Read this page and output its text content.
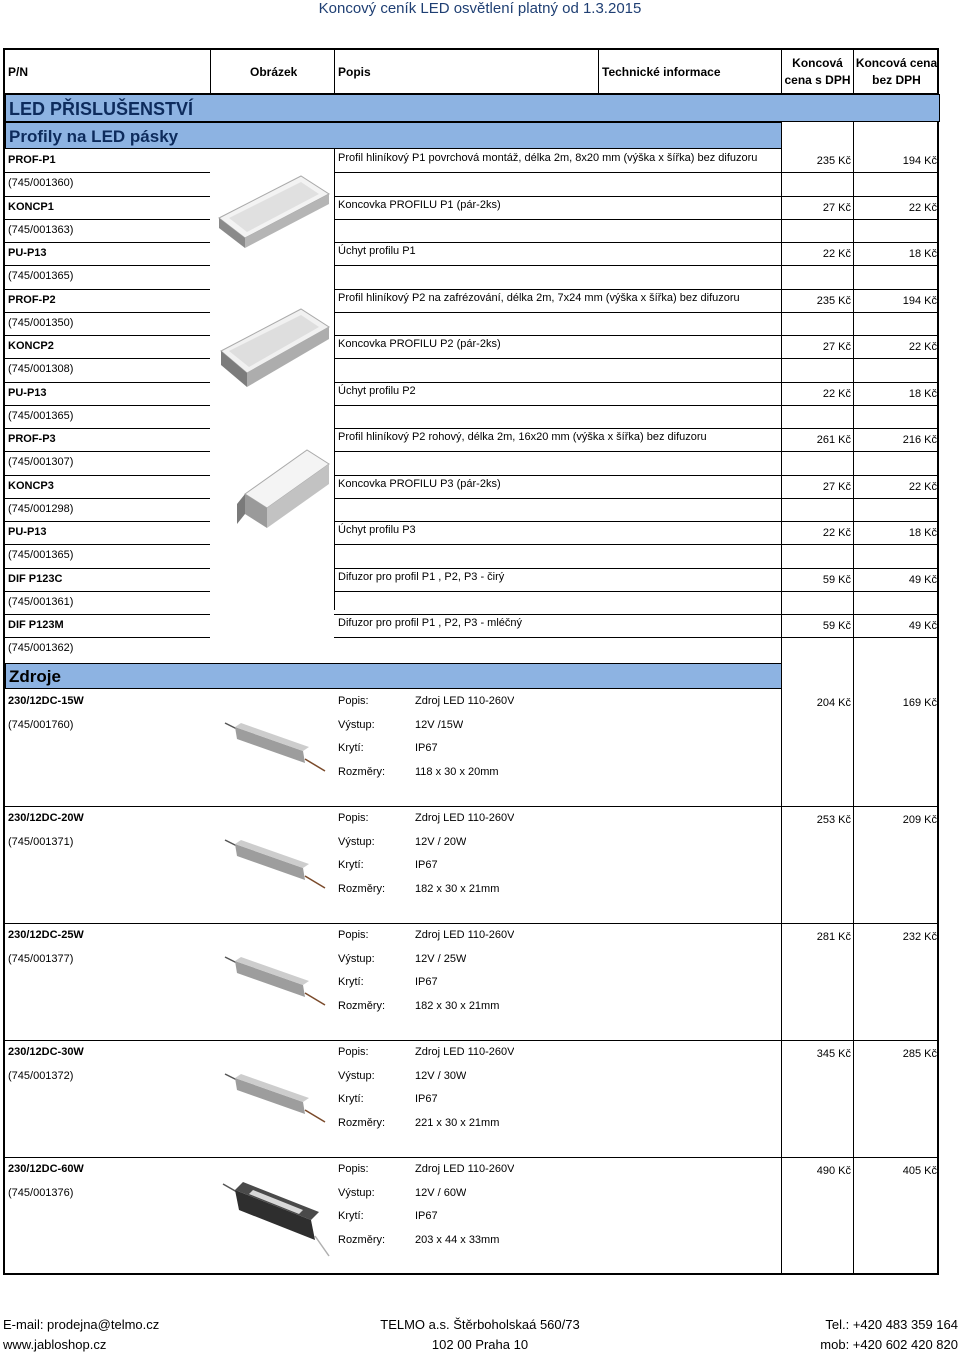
Koncový ceník LED osvětlení platný od 1.3.2015
P/N	Obrázek	Popis	Technické informace
Koncová
cena s DPH
Koncová cena
bez DPH
LED PŘISLUŠENSTVÍ
Profily na LED pásky
Zdroje
PROF-P1
(745/001360)
Profil hliníkový P1 povrchová montáž, délka 2m, 8x20 mm (výška x šířka) bez difuzoru	235 Kč	194 Kč
KONCP1
(745/001363)
Koncovka PROFILU P1 (pár-2ks)	27 Kč	22 Kč
PU-P13
(745/001365)
Úchyt profilu P1	22 Kč	18 Kč
PROF-P2
(745/001350)
Profil hliníkový P2 na zafrézování, délka 2m, 7x24 mm (výška x šířka) bez difuzoru	235 Kč	194 Kč
KONCP2
(745/001308)
Koncovka PROFILU P2 (pár-2ks)	27 Kč	22 Kč
PU-P13
(745/001365)
Úchyt profilu P2	22 Kč	18 Kč
PROF-P3
(745/001307)
Profil hliníkový P2 rohový, délka 2m, 16x20 mm (výška x šířka) bez difuzoru	261 Kč	216 Kč
KONCP3
(745/001298)
Koncovka PROFILU P3 (pár-2ks)	27 Kč	22 Kč
PU-P13
(745/001365)
Úchyt profilu P3	22 Kč	18 Kč
DIF P123C
(745/001361)
Difuzor pro profil P1 , P2, P3 - čirý	59 Kč	49 Kč
DIF P123M
(745/001362)
Difuzor pro profil P1 , P2, P3 - mléčný	59 Kč	49 Kč
230/12DC-15W
(745/001760)
Popis:	Zdroj LED 110-260V
Výstup:	12V /15W
Krytí:	IP67
Rozměry:	118 x 30 x 20mm
204 Kč	169 Kč
230/12DC-20W
(745/001371)
Popis:	Zdroj LED 110-260V
Výstup:	12V / 20W
Krytí:	IP67
Rozměry:	182 x 30 x 21mm
253 Kč	209 Kč
230/12DC-25W
(745/001377)
Popis:	Zdroj LED 110-260V
Výstup:	12V / 25W
Krytí:	IP67
Rozměry:	182 x 30 x 21mm
281 Kč	232 Kč
230/12DC-30W
(745/001372)
Popis:	Zdroj LED 110-260V
Výstup:	12V / 30W
Krytí:	IP67
Rozměry:	221 x 30 x 21mm
345 Kč	285 Kč
230/12DC-60W
(745/001376)
Popis:	Zdroj LED 110-260V
Výstup:	12V / 60W
Krytí:	IP67
Rozměry:	203 x 44 x 33mm
490 Kč	405 Kč
E-mail: prodejna@telmo.cz
www.jabloshop.cz
TELMO a.s. Štěrboholskaá 560/73
102 00 Praha 10
Tel.: +420 483 359 164
mob: +420 602 420 820
